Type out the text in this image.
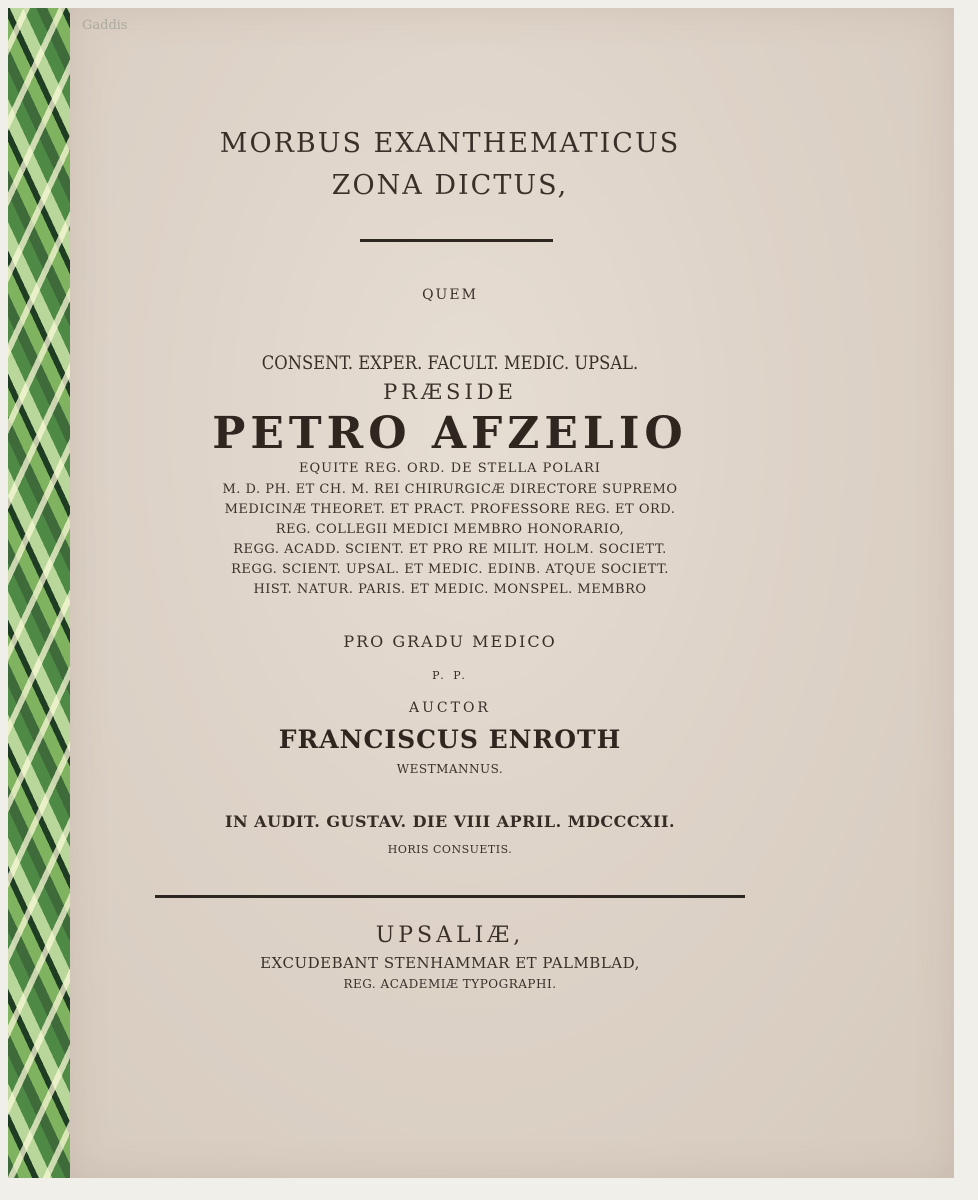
Gaddis
MORBUS EXANTHEMATICUS
ZONA DICTUS,
QUEM
CONSENT. EXPER. FACULT. MEDIC. UPSAL.
PRÆSIDE
PETRO AFZELIO
EQUITE REG. ORD. DE STELLA POLARI
M. D. PH. ET CH. M. REI CHIRURGICÆ DIRECTORE SUPREMO
MEDICINÆ THEORET. ET PRACT. PROFESSORE REG. ET ORD.
REG. COLLEGII MEDICI MEMBRO HONORARIO,
REGG. ACADD. SCIENT. ET PRO RE MILIT. HOLM. SOCIETT.
REGG. SCIENT. UPSAL. ET MEDIC. EDINB. ATQUE SOCIETT.
HIST. NATUR. PARIS. ET MEDIC. MONSPEL. MEMBRO
PRO GRADU MEDICO
P. P.
AUCTOR
FRANCISCUS ENROTH
WESTMANNUS.
IN AUDIT. GUSTAV. DIE VIII APRIL. MDCCCXII.
HORIS CONSUETIS.
UPSALIÆ,
EXCUDEBANT STENHAMMAR ET PALMBLAD,
REG. ACADEMIÆ TYPOGRAPHI.
